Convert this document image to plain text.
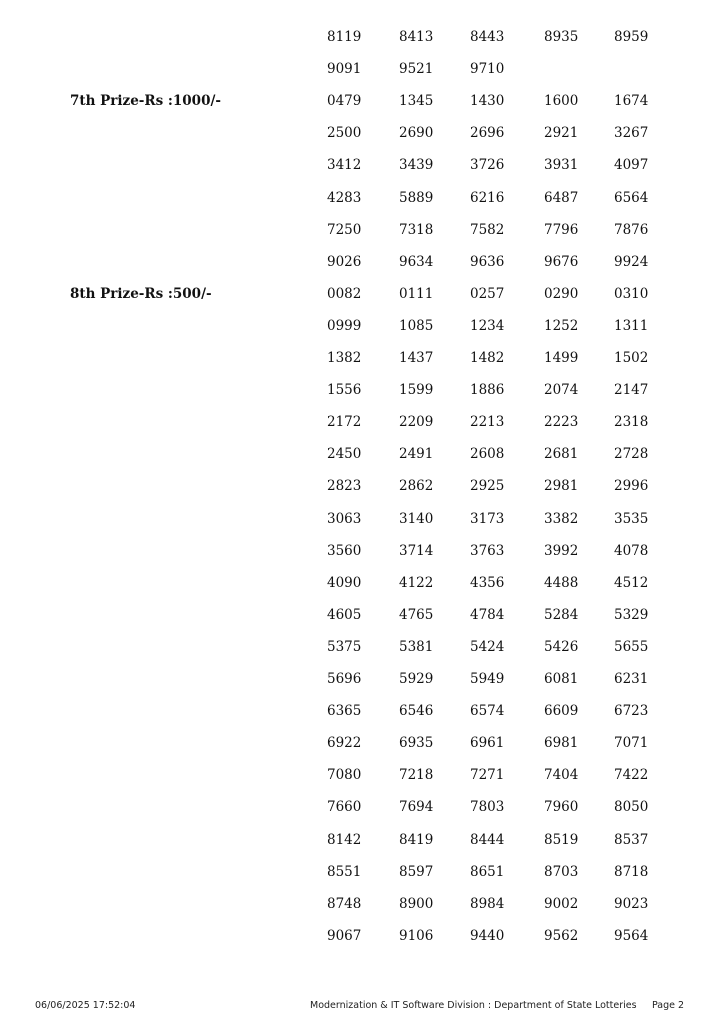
8119	8413	8443	8935	8959
9091	9521	9710
7th Prize-Rs :1000/-	0479	1345	1430	1600	1674
2500	2690	2696	2921	3267
3412	3439	3726	3931	4097
4283	5889	6216	6487	6564
7250	7318	7582	7796	7876
9026	9634	9636	9676	9924
8th Prize-Rs :500/-	0082	0111	0257	0290	0310
0999	1085	1234	1252	1311
1382	1437	1482	1499	1502
1556	1599	1886	2074	2147
2172	2209	2213	2223	2318
2450	2491	2608	2681	2728
2823	2862	2925	2981	2996
3063	3140	3173	3382	3535
3560	3714	3763	3992	4078
4090	4122	4356	4488	4512
4605	4765	4784	5284	5329
5375	5381	5424	5426	5655
5696	5929	5949	6081	6231
6365	6546	6574	6609	6723
6922	6935	6961	6981	7071
7080	7218	7271	7404	7422
7660	7694	7803	7960	8050
8142	8419	8444	8519	8537
8551	8597	8651	8703	8718
8748	8900	8984	9002	9023
9067	9106	9440	9562	9564
06/06/2025 17:52:04	Modernization & IT Software Division : Department of State Lotteries Page 2
